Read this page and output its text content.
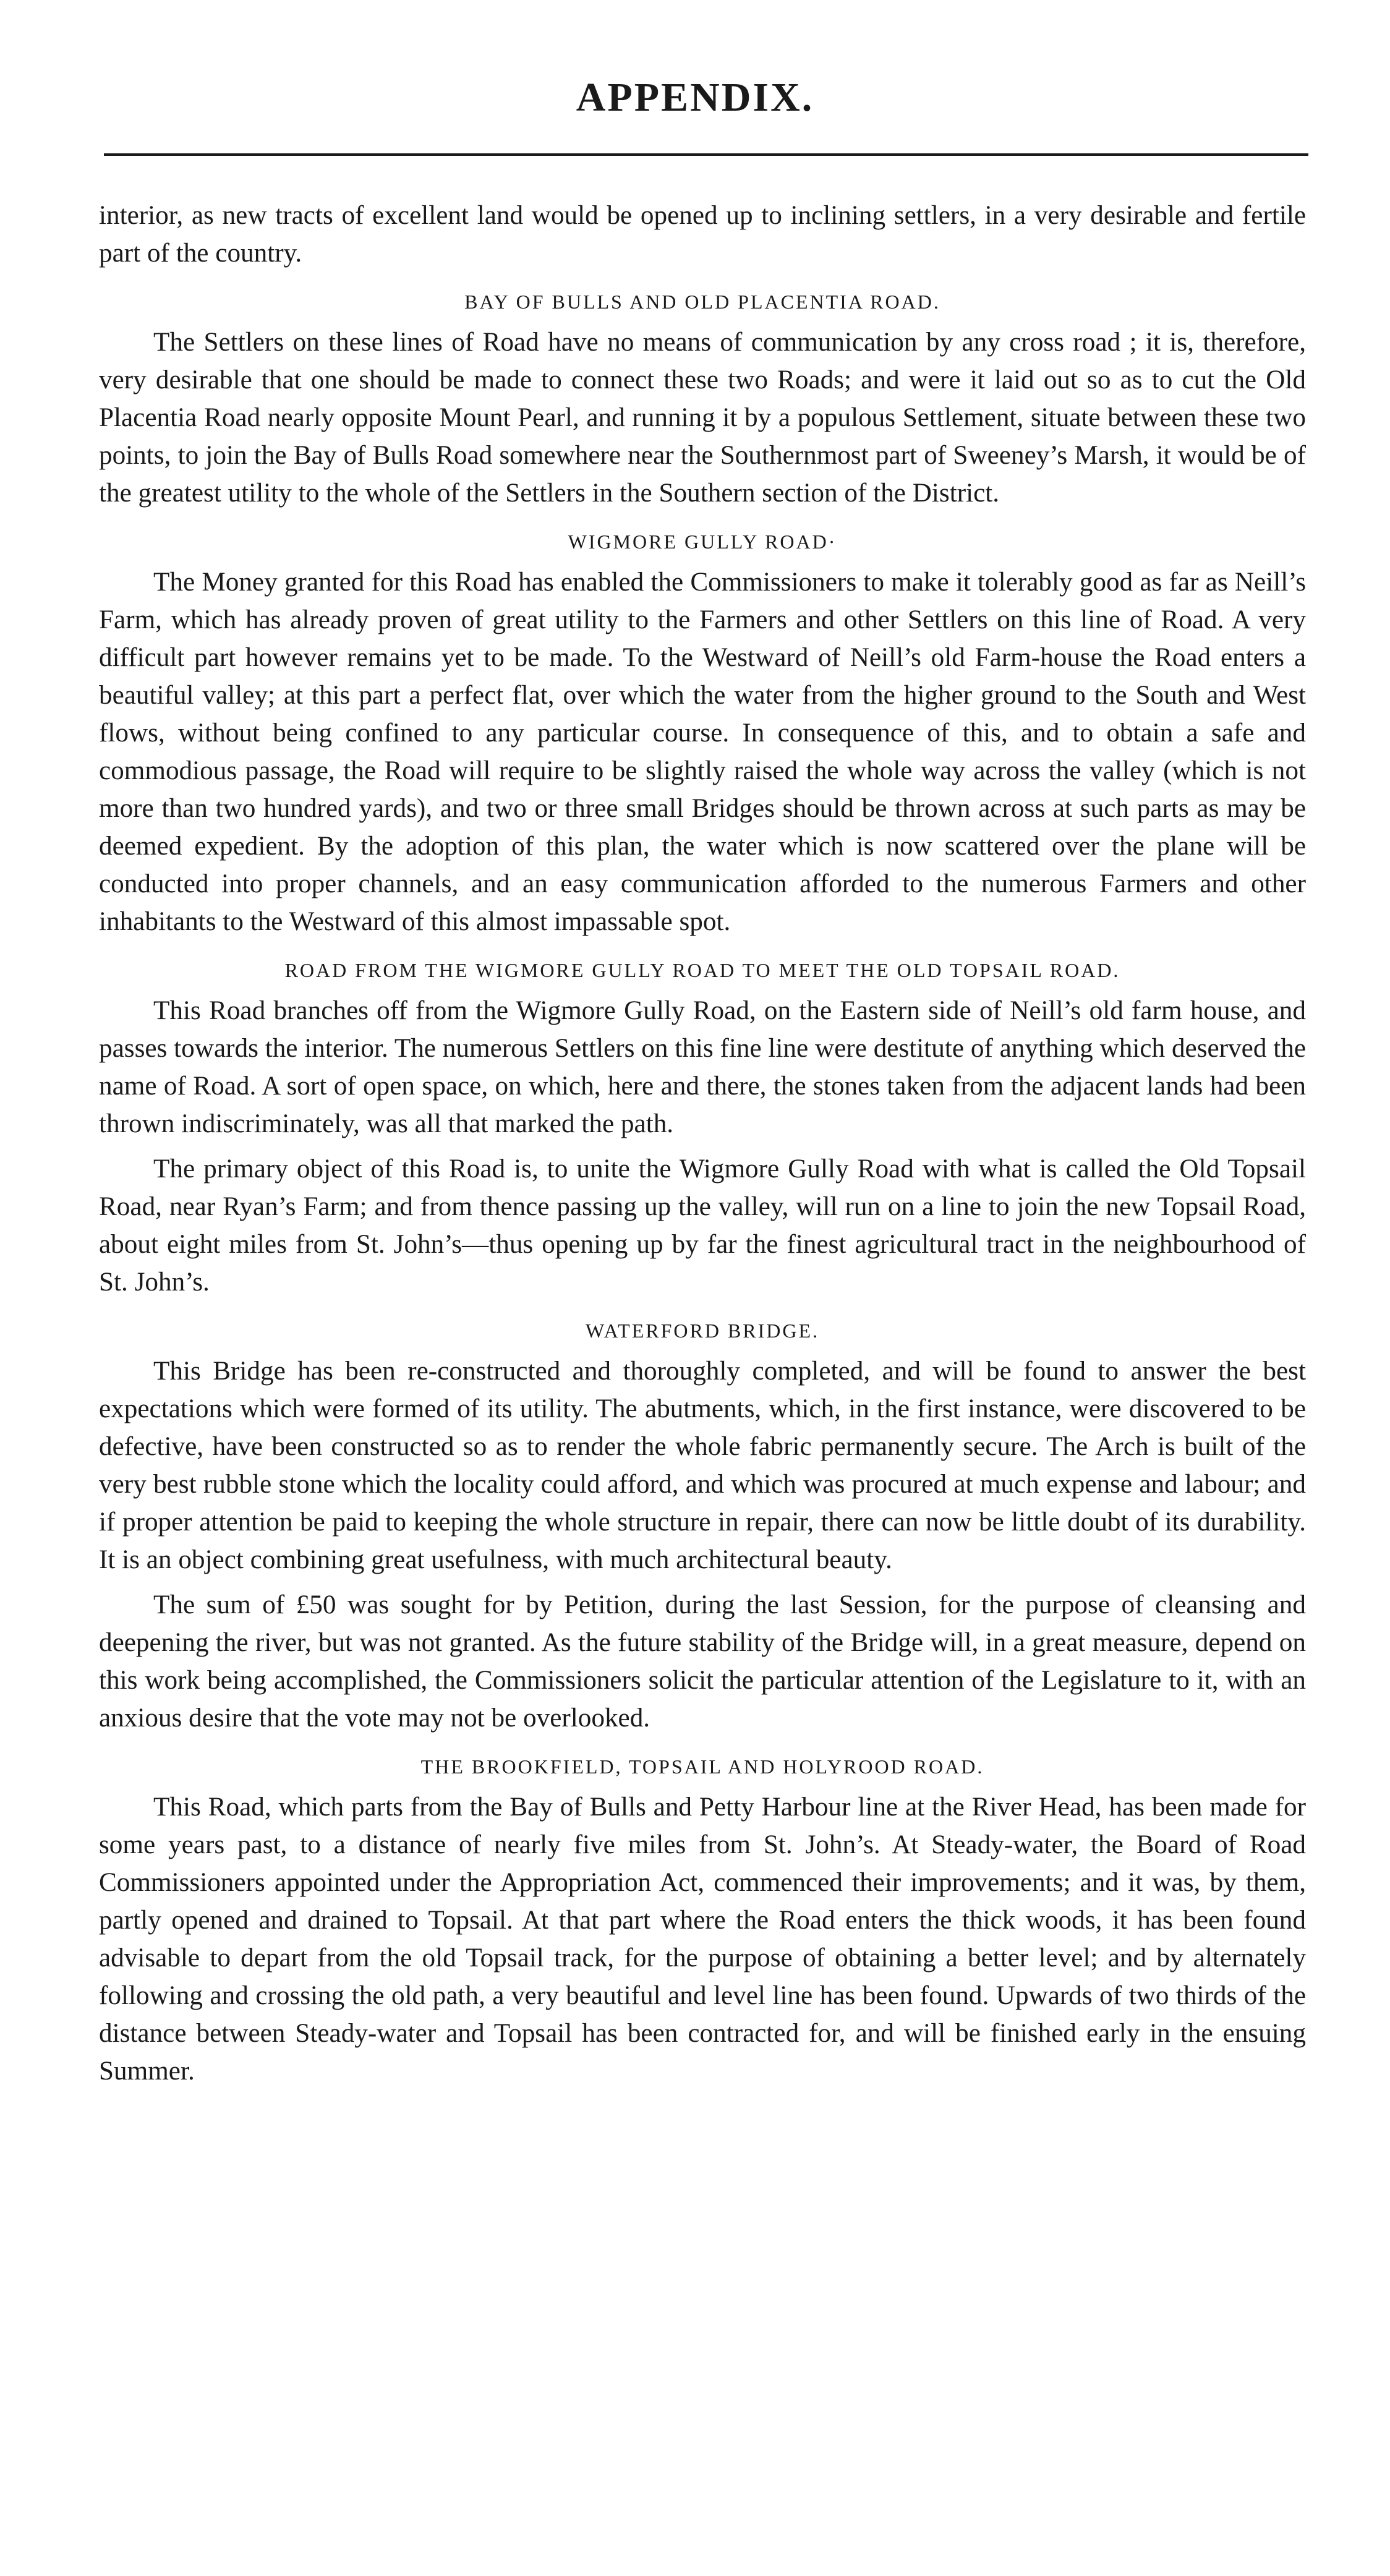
APPENDIX.

interior, as new tracts of excellent land would be opened up to inclining settlers, in a very desirable and fertile part of the country.

BAY OF BULLS AND OLD PLACENTIA ROAD.

The Settlers on these lines of Road have no means of communication by any cross road ; it is, therefore, very desirable that one should be made to connect these two Roads; and were it laid out so as to cut the Old Placentia Road nearly opposite Mount Pearl, and running it by a populous Settlement, situate between these two points, to join the Bay of Bulls Road somewhere near the Southernmost part of Sweeney’s Marsh, it would be of the greatest utility to the whole of the Settlers in the Southern section of the District.

WIGMORE GULLY ROAD·

The Money granted for this Road has enabled the Commissioners to make it tolerably good as far as Neill’s Farm, which has already proven of great utility to the Farmers and other Settlers on this line of Road. A very difficult part however remains yet to be made. To the Westward of Neill’s old Farm-house the Road enters a beautiful valley; at this part a perfect flat, over which the water from the higher ground to the South and West flows, without being confined to any particular course. In consequence of this, and to obtain a safe and commodious passage, the Road will require to be slightly raised the whole way across the valley (which is not more than two hundred yards), and two or three small Bridges should be thrown across at such parts as may be deemed expedient. By the adoption of this plan, the water which is now scattered over the plane will be conducted into proper channels, and an easy communication afforded to the numerous Farmers and other inhabitants to the Westward of this almost impassable spot.

ROAD FROM THE WIGMORE GULLY ROAD TO MEET THE OLD TOPSAIL ROAD.

This Road branches off from the Wigmore Gully Road, on the Eastern side of Neill’s old farm house, and passes towards the interior. The numerous Settlers on this fine line were destitute of anything which deserved the name of Road. A sort of open space, on which, here and there, the stones taken from the adjacent lands had been thrown indiscriminately, was all that marked the path.

The primary object of this Road is, to unite the Wigmore Gully Road with what is called the Old Topsail Road, near Ryan’s Farm; and from thence passing up the valley, will run on a line to join the new Topsail Road, about eight miles from St. John’s—thus opening up by far the finest agricultural tract in the neighbourhood of St. John’s.

WATERFORD BRIDGE.

This Bridge has been re-constructed and thoroughly completed, and will be found to answer the best expectations which were formed of its utility. The abutments, which, in the first instance, were discovered to be defective, have been constructed so as to render the whole fabric permanently secure. The Arch is built of the very best rubble stone which the locality could afford, and which was procured at much expense and labour; and if proper attention be paid to keeping the whole structure in repair, there can now be little doubt of its durability. It is an object combining great usefulness, with much architectural beauty.

The sum of £50 was sought for by Petition, during the last Session, for the purpose of cleansing and deepening the river, but was not granted. As the future stability of the Bridge will, in a great measure, depend on this work being accomplished, the Commissioners solicit the particular attention of the Legislature to it, with an anxious desire that the vote may not be overlooked.

THE BROOKFIELD, TOPSAIL AND HOLYROOD ROAD.

This Road, which parts from the Bay of Bulls and Petty Harbour line at the River Head, has been made for some years past, to a distance of nearly five miles from St. John’s. At Steady-water, the Board of Road Commissioners appointed under the Appropriation Act, commenced their improvements; and it was, by them, partly opened and drained to Topsail. At that part where the Road enters the thick woods, it has been found advisable to depart from the old Topsail track, for the purpose of obtaining a better level; and by alternately following and crossing the old path, a very beautiful and level line has been found. Upwards of two thirds of the distance between Steady-water and Topsail has been contracted for, and will be finished early in the ensuing Summer.
